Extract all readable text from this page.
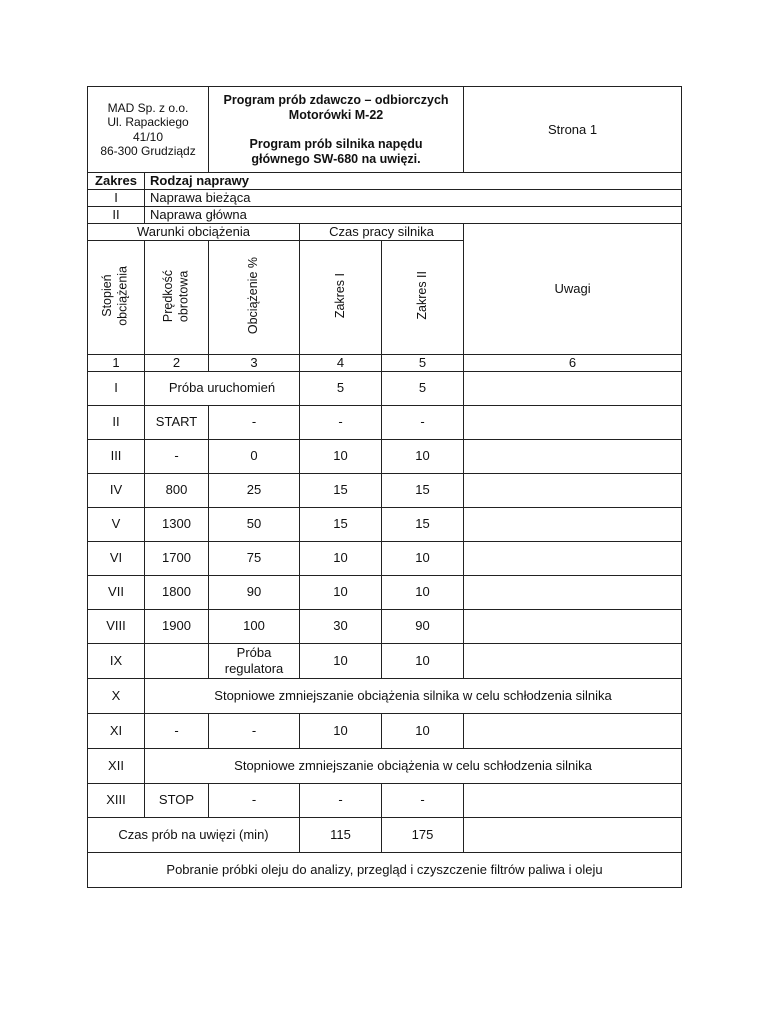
MAD Sp. z o.o.
Ul. Rapackiego
41/10
86-300 Grudziądz		Program prób zdawczo – odbiorczych
Motorówki M-22
Program prób silnika napędu
głównego SW-680 na uwięzi.			Strona 1
Zakres	Rodzaj naprawy				
I	Naprawa bieżąca				
II	Naprawa główna				
Warunki obciążenia			Czas pracy silnika		Uwagi
Stopień obciążenia	Prędkość obrotowa	Obciążenie %	Zakres I	Zakres II	
1	2	3	4	5	6
I	Próba uruchomień		5	5	
II	START	-	-	-	
III	-	0	10	10	
IV	800	25	15	15	
V	1300	50	15	15	
VI	1700	75	10	10	
VII	1800	90	10	10	
VIII	1900	100	30	90	
IX		Próba
regulatora	10	10	
X	Stopniowe zmniejszanie obciążenia silnika w celu schłodzenia silnika				
XI	-	-	10	10	
XII	Stopniowe zmniejszanie obciążenia w celu schłodzenia silnika				
XIII	STOP	-	-	-	
Czas prób na uwięzi (min)			115	175	
Pobranie próbki oleju do analizy, przegląd i czyszczenie filtrów paliwa i oleju					
